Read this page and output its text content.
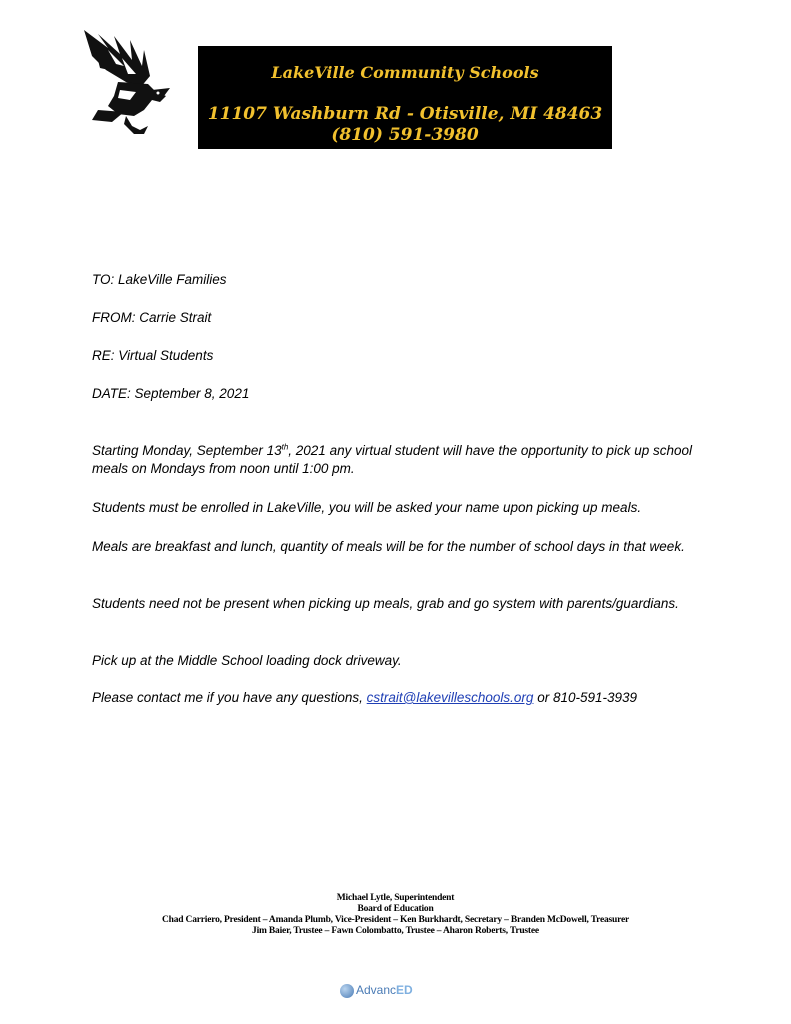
LakeVille Community Schools
11107 Washburn Rd - Otisville, MI 48463
(810) 591-3980
TO: LakeVille Families
FROM: Carrie Strait
RE: Virtual Students
DATE: September 8, 2021
Starting Monday, September 13th, 2021 any virtual student will have the opportunity to pick up school meals on Mondays from noon until 1:00 pm.
Students must be enrolled in LakeVille, you will be asked your name upon picking up meals.
Meals are breakfast and lunch, quantity of meals will be for the number of school days in that week.
Students need not be present when picking up meals, grab and go system with parents/guardians.
Pick up at the Middle School loading dock driveway.
Please contact me if you have any questions, cstrait@lakevilleschools.org or 810-591-3939
Michael Lytle, Superintendent
Board of Education
Chad Carriero, President – Amanda Plumb, Vice-President – Ken Burkhardt, Secretary – Branden McDowell, Treasurer
Jim Baier, Trustee – Fawn Colombatto, Trustee – Aharon Roberts, Trustee
AdvancED
